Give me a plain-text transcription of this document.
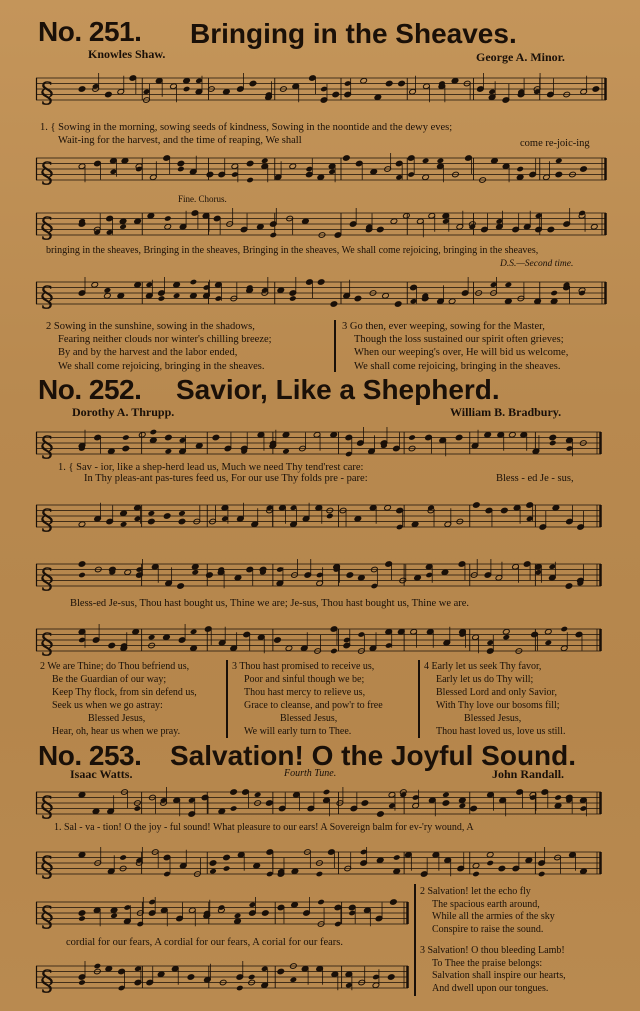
No. 251. Bringing in the Sheaves.
Knowles Shaw.	George A. Minor.
§
1. { Sowing in the morning, sowing seeds of kindness, Sowing in the noontide and the dewy eves;
Wait-ing for the harvest, and the time of reaping, We shall	come re-joic-ing
§
Fine. Chorus.
§
bringing in the sheaves, Bringing in the sheaves, Bringing in the sheaves, We shall come rejoicing, bringing in the sheaves,
D.S.—Second time.
§
2 Sowing in the sunshine, sowing in the shadows,
Fearing neither clouds nor winter's chilling breeze;
By and by the harvest and the labor ended,
We shall come rejoicing, bringing in the sheaves.
3 Go then, ever weeping, sowing for the Master,
Though the loss sustained our spirit often grieves;
When our weeping's over, He will bid us welcome,
We shall come rejoicing, bringing in the sheaves.
No. 252. Savior, Like a Shepherd.
Dorothy A. Thrupp.	William B. Bradbury.
§
1. { Sav - ior, like a shep-herd lead us, Much we need Thy tend'rest care:
In Thy pleas-ant pas-tures feed us, For our use Thy folds pre - pare:	Bless - ed Je - sus,
§
§
Bless-ed Je-sus, Thou hast bought us, Thine we are; Je-sus, Thou hast bought us, Thine we are.
§
2 We are Thine; do Thou befriend us,
Be the Guardian of our way;
Keep Thy flock, from sin defend us,
Seek us when we go astray:
Blessed Jesus,
Hear, oh, hear us when we pray.
3 Thou hast promised to receive us,
Poor and sinful though we be;
Thou hast mercy to relieve us,
Grace to cleanse, and pow'r to free
Blessed Jesus,
We will early turn to Thee.
4 Early let us seek Thy favor,
Early let us do Thy will;
Blessed Lord and only Savior,
With Thy love our bosoms fill;
Blessed Jesus,
Thou hast loved us, love us still.
No. 253. Salvation! O the Joyful Sound.
Isaac Watts.	Fourth Tune.	John Randall.
§
1. Sal - va - tion! O the joy - ful sound! What pleasure to our ears! A Sovereign balm for ev-'ry wound, A
§
§
cordial for our fears, A cordial for our fears, A corial for our fears.
§
2 Salvation! let the echo fly
The spacious earth around,
While all the armies of the sky
Conspire to raise the sound.
3 Salvation! O thou bleeding Lamb!
To Thee the praise belongs:
Salvation shall inspire our hearts,
And dwell upon our tongues.
